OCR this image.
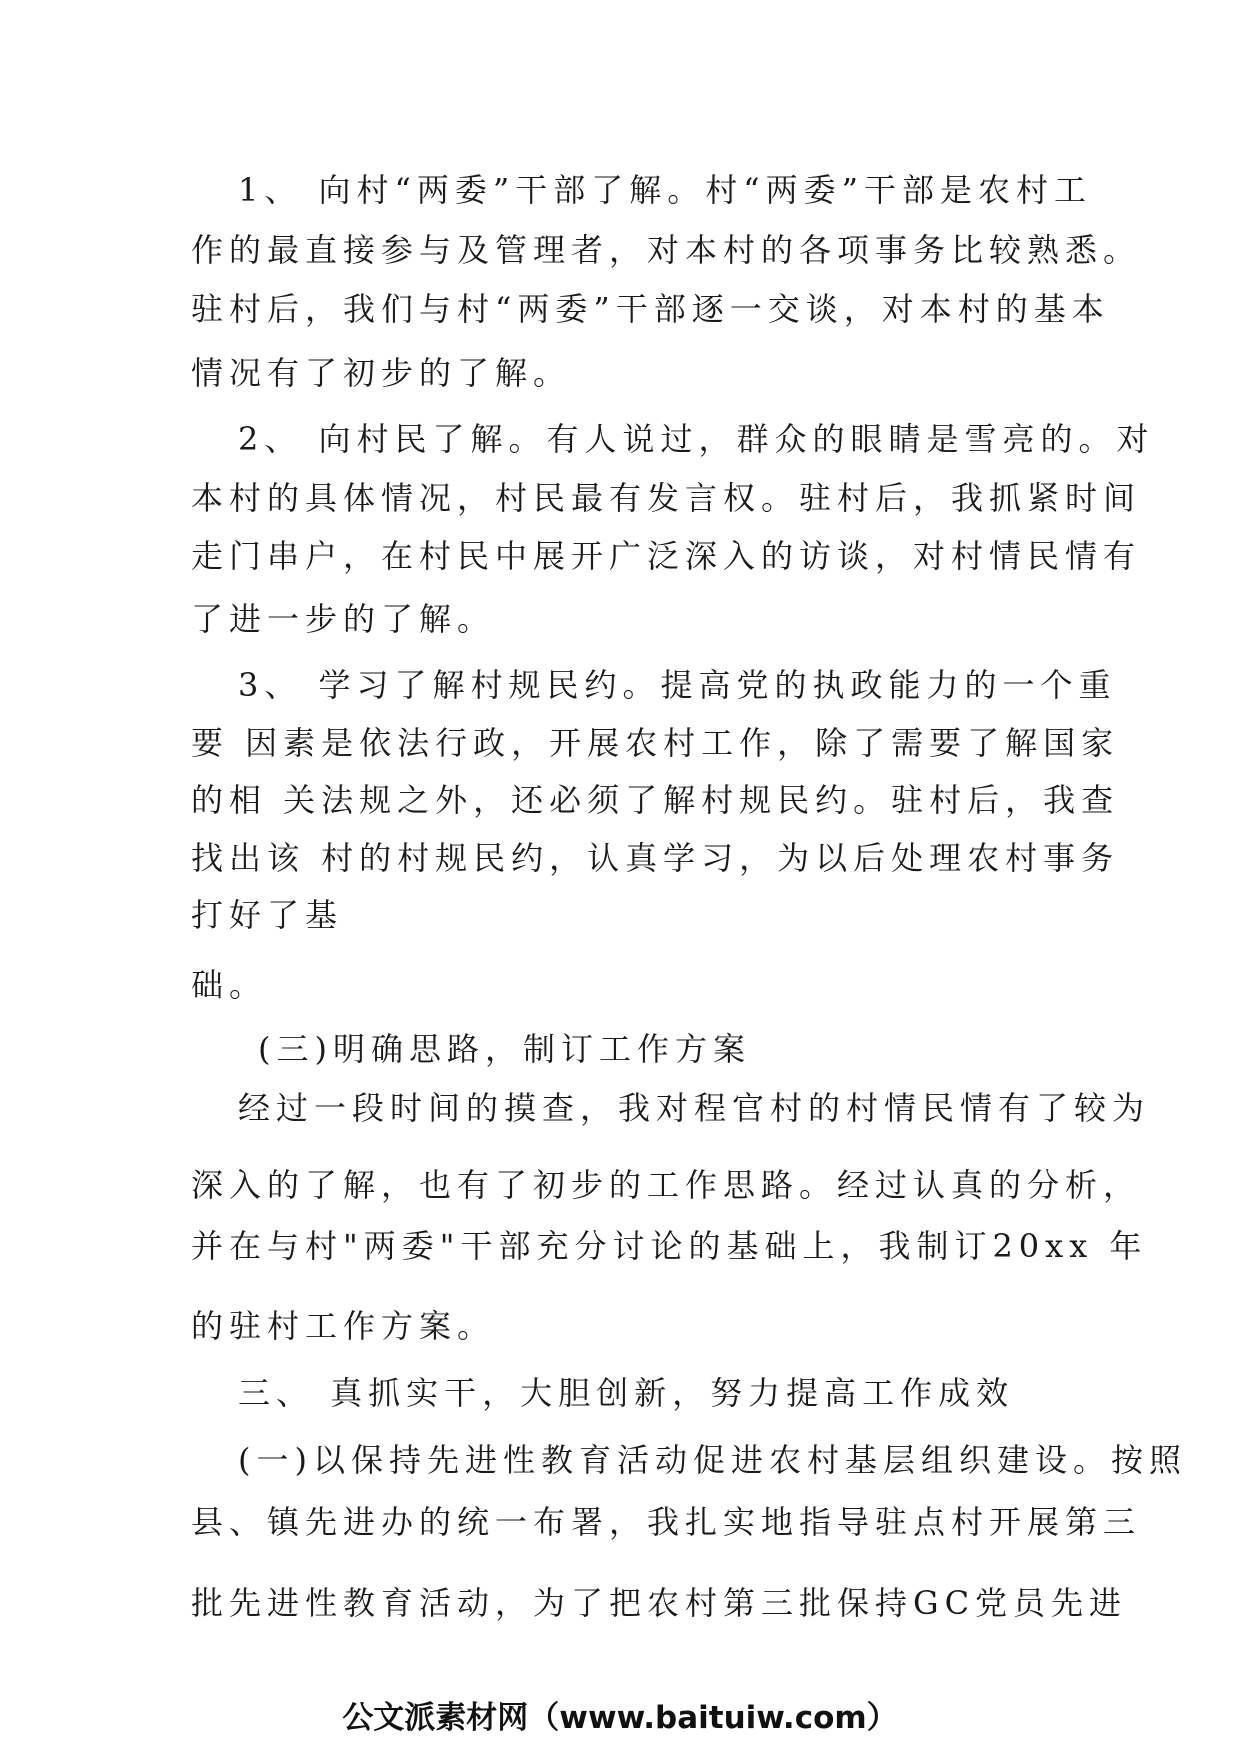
1、 向村“两委”干部了解。村“两委”干部是农村工
作的最直接参与及管理者，对本村的各项事务比较熟悉。
驻村后，我们与村“两委”干部逐一交谈，对本村的基本
情况有了初步的了解。
2、 向村民了解。有人说过，群众的眼睛是雪亮的。对
本村的具体情况，村民最有发言权。驻村后，我抓紧时间
走门串户，在村民中展开广泛深入的访谈，对村情民情有
了进一步的了解。
3、 学习了解村规民约。提高党的执政能力的一个重
要 因素是依法行政，开展农村工作，除了需要了解国家
的相 关法规之外，还必须了解村规民约。驻村后，我查
找出该 村的村规民约，认真学习，为以后处理农村事务
打好了基
础。
(三)明确思路，制订工作方案
经过一段时间的摸查，我对程官村的村情民情有了较为
深入的了解，也有了初步的工作思路。经过认真的分析，
并在与村"两委"干部充分讨论的基础上，我制订20xx 年
的驻村工作方案。
三、 真抓实干，大胆创新，努力提高工作成效
(一)以保持先进性教育活动促进农村基层组织建设。按照
县、镇先进办的统一布署，我扎实地指导驻点村开展第三
批先进性教育活动，为了把农村第三批保持GC党员先进
公文派素材网（www.baituiw.com）
